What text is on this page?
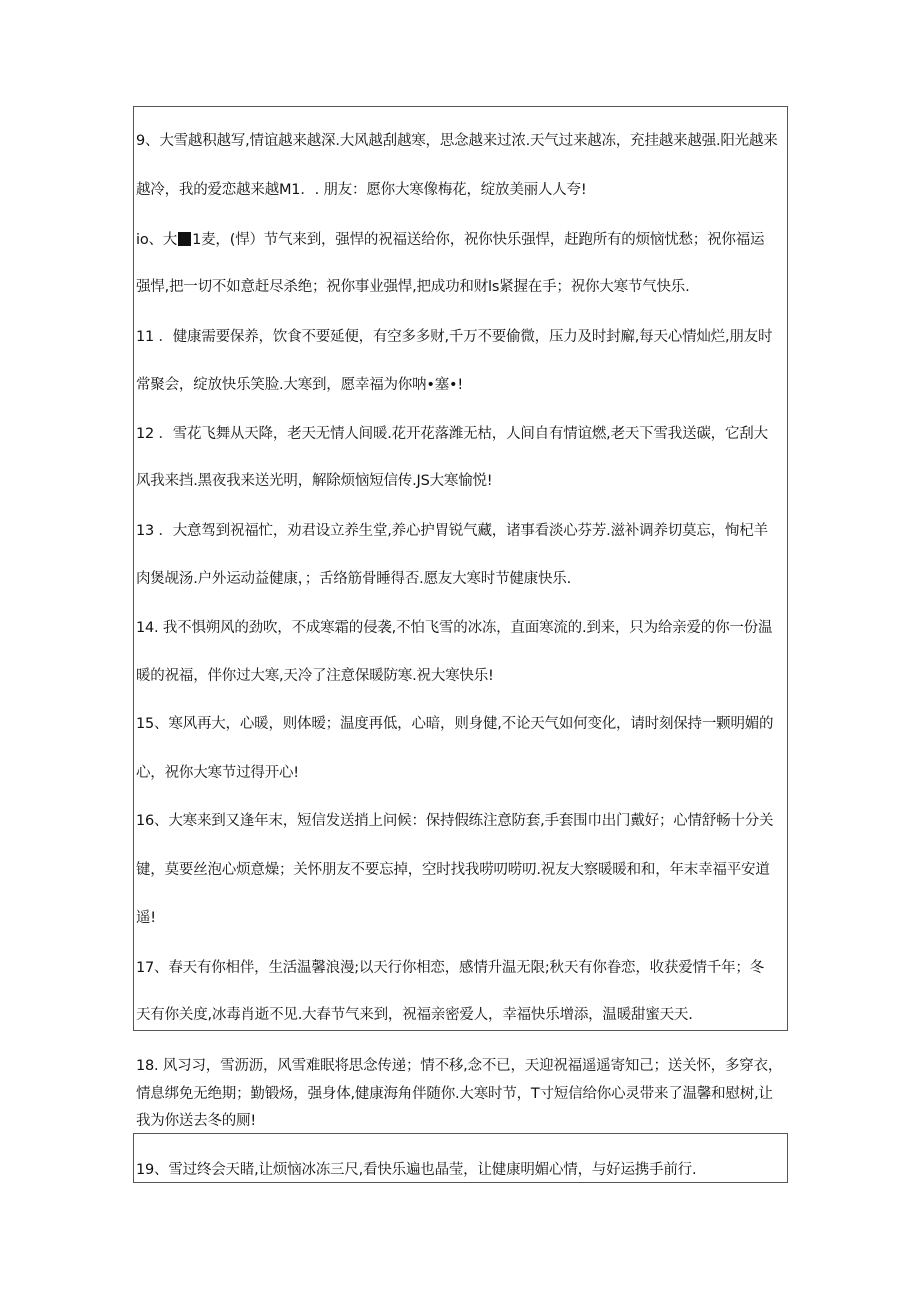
9、大雪越积越写,情谊越来越深.大风越刮越寒，思念越来过浓.天气过来越冻，充挂越来越强.阳光越来
越冷，我的爱恋越来越M1．. 朋友：愿你大寒像梅花，绽放美丽人人夸!
io、大 1麦，(悍）节气来到，强悍的祝福送给你，祝你快乐强悍，赶跑所有的烦恼忧愁；祝你福运
强悍,把一切不如意赶尽杀绝；祝你事业强悍,把成功和财ls紧握在手；祝你大寒节气快乐.
11 ．健康需要保养，饮食不要延便，有空多多财,千万不要偷微，压力及时封廨,每天心情灿烂,朋友时
常聚会，绽放快乐笑脸.大寒到，愿幸福为你呐•塞•!
12 ．雪花飞舞从天降，老天无情人间暖.花开花落潍无枯，人间自有情谊燃,老天下雪我送碳，它刮大
风我来挡.黑夜我来送光明，解除烦恼短信传.JS大寒愉悦!
13 ．大意驾到祝福忙，劝君设立养生堂,养心护胃锐气藏，诸事看淡心芬芳.滋补调养切莫忘，恂杞羊
肉煲觇汤.户外运动益健康，；舌络筋骨睡得否.愿友大寒时节健康快乐.
14. 我不惧朔风的劲吹，不成寒霜的侵袭,不怕飞雪的冰冻，直面寒流的.到来，只为给亲爱的你一份温
暖的祝福，伴你过大寒,天冷了注意保暖防寒.祝大寒快乐!
15、寒风再大，心暖，则体暧；温度再低，心暗，则身健,不论天气如何变化，请时刻保持一颗明媚的
心，祝你大寒节过得开心!
16、大寒来到又逢年末，短信发送捎上问候：保持假练注意防套,手套围巾出门戴好；心情舒畅十分关
键，莫要丝泡心烦意燥；关怀朋友不要忘掉，空时找我唠叨唠叨.祝友大察暖暖和和，年末幸福平安道
遥!
17、春天有你相伴，生活温馨浪漫;以天行你相恋，感情升温无限;秋天有你眷恋，收获爱情千年；冬
天有你关度,冰毒肖逝不见.大春节气来到，祝福亲密爱人，幸福快乐增添，温暖甜蜜天天.
18. 风习习，雪沥沥，风雪难眠将思念传递；情不移,念不已，天迎祝福遥遥寄知己；送关怀，多穿衣，
情息绑免无绝期；勤锻炀，强身体,健康海角伴随你.大寒时节，T寸短信给你心灵带来了温馨和慰树,让
我为你送去冬的厕!
19、雪过终会天睹,让烦恼冰冻三尺,看快乐遍也晶莹，让健康明媚心情，与好运携手前行.
